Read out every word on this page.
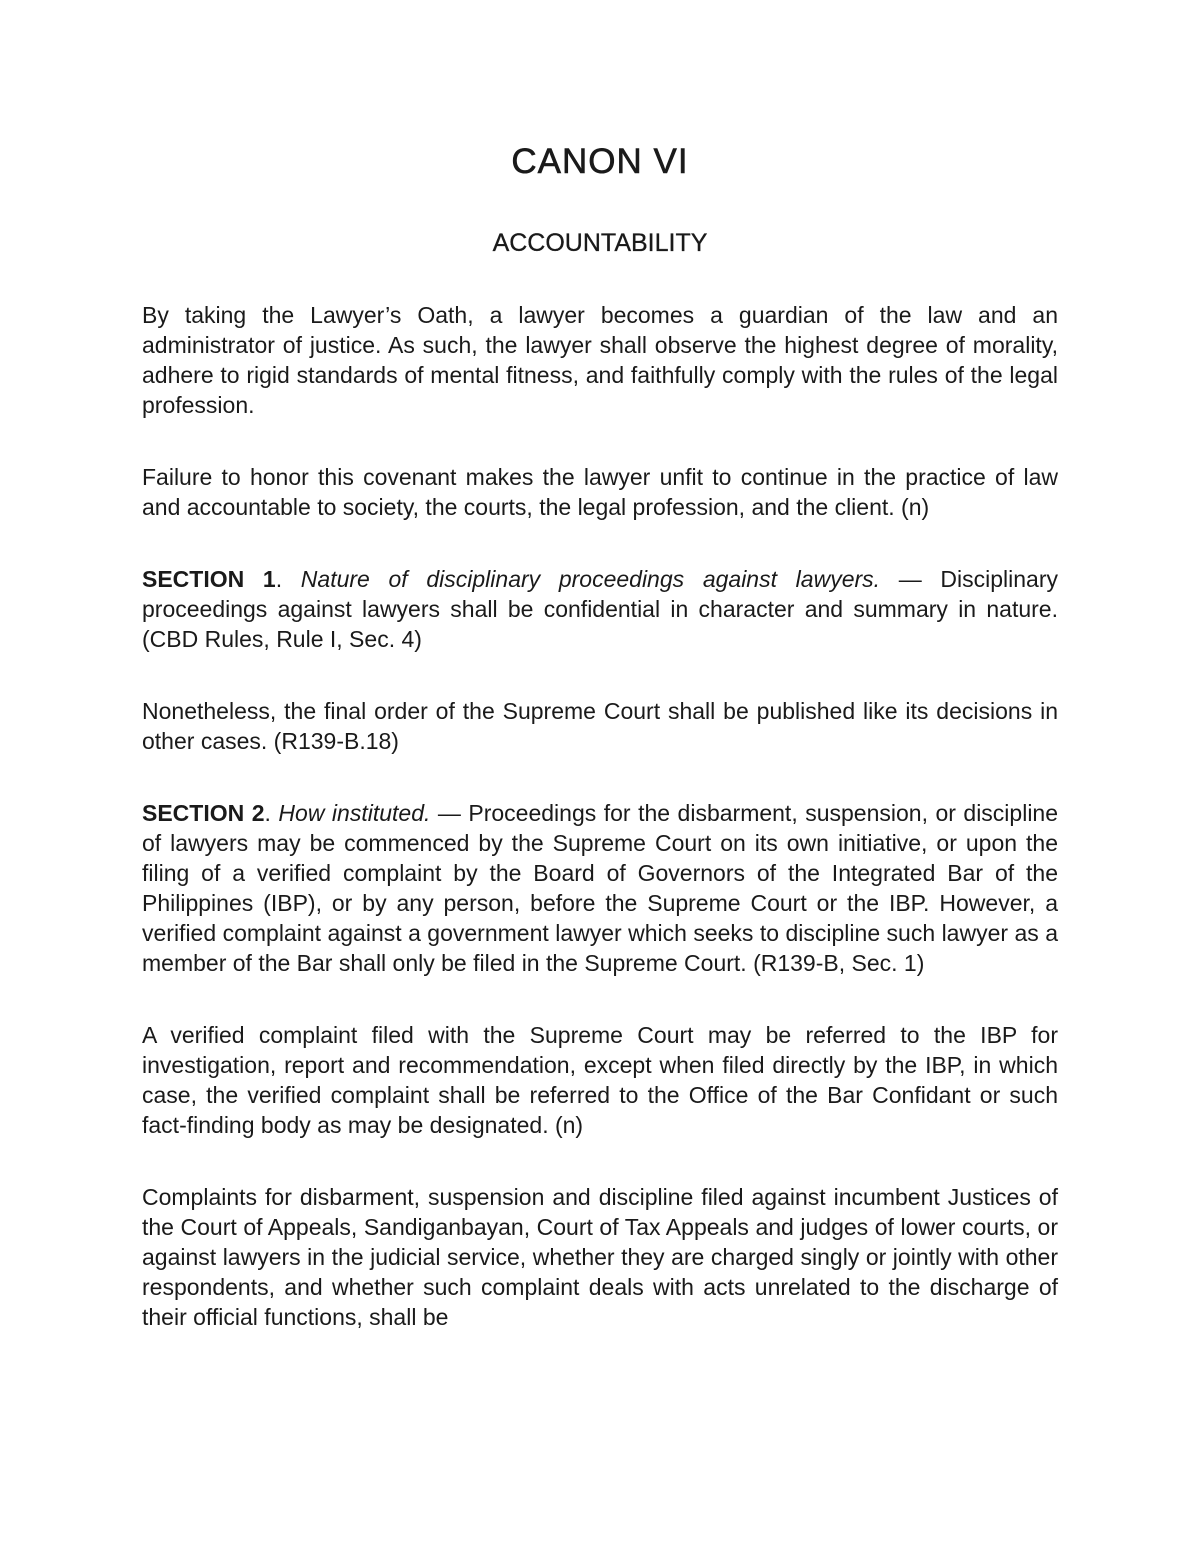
CANON VI
ACCOUNTABILITY

By taking the Lawyer’s Oath, a lawyer becomes a guardian of the law and an administrator of justice. As such, the lawyer shall observe the highest degree of morality, adhere to rigid standards of mental fitness, and faithfully comply with the rules of the legal profession.

Failure to honor this covenant makes the lawyer unfit to continue in the practice of law and accountable to society, the courts, the legal profession, and the client. (n)

SECTION 1. Nature of disciplinary proceedings against lawyers. — Disciplinary proceedings against lawyers shall be confidential in character and summary in nature. (CBD Rules, Rule I, Sec. 4)

Nonetheless, the final order of the Supreme Court shall be published like its decisions in other cases. (R139-B.18)

SECTION 2. How instituted. — Proceedings for the disbarment, suspension, or discipline of lawyers may be commenced by the Supreme Court on its own initiative, or upon the filing of a verified complaint by the Board of Governors of the Integrated Bar of the Philippines (IBP), or by any person, before the Supreme Court or the IBP. However, a verified complaint against a government lawyer which seeks to discipline such lawyer as a member of the Bar shall only be filed in the Supreme Court. (R139-B, Sec. 1)

A verified complaint filed with the Supreme Court may be referred to the IBP for investigation, report and recommendation, except when filed directly by the IBP, in which case, the verified complaint shall be referred to the Office of the Bar Confidant or such fact-finding body as may be designated. (n)

Complaints for disbarment, suspension and discipline filed against incumbent Justices of the Court of Appeals, Sandiganbayan, Court of Tax Appeals and judges of lower courts, or against lawyers in the judicial service, whether they are charged singly or jointly with other respondents, and whether such complaint deals with acts unrelated to the discharge of their official functions, shall be
